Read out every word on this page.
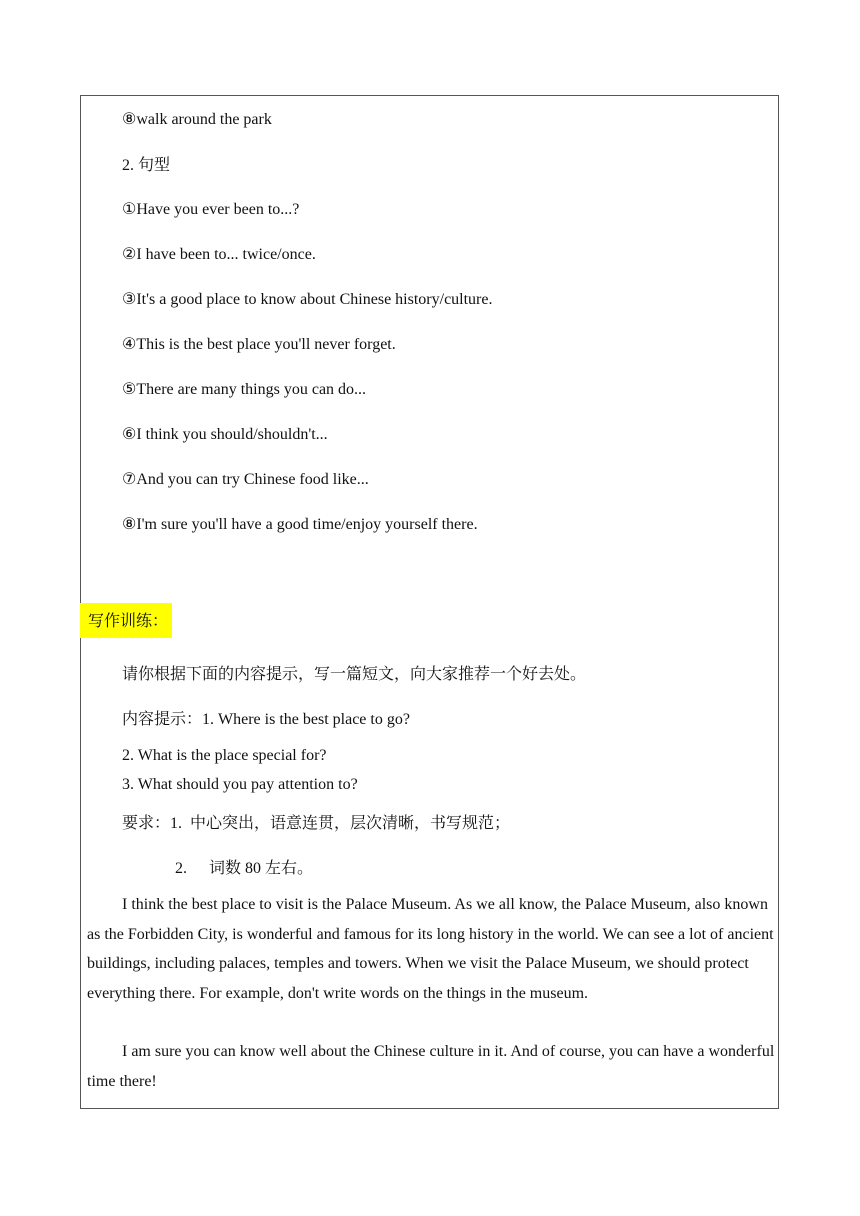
⑧walk around the park
2. 句型
①Have you ever been to...?
②I have been to... twice/once.
③It's a good place to know about Chinese history/culture.
④This is the best place you'll never forget.
⑤There are many things you can do...
⑥I think you should/shouldn't...
⑦And you can try Chinese food like...
⑧I'm sure you'll have a good time/enjoy yourself there.
写作训练：
请你根据下面的内容提示，写一篇短文，向大家推荐一个好去处。
内容提示：1. Where is the best place to go?
2. What is the place special for?
3. What should you pay attention to?
要求：1. 中心突出，语意连贯，层次清晰，书写规范；
2. 词数 80 左右。
I think the best place to visit is the Palace Museum. As we all know, the Palace Museum, also known as the Forbidden City, is wonderful and famous for its long history in the world. We can see a lot of ancient buildings, including palaces, temples and towers. When we visit the Palace Museum, we should protect everything there. For example, don't write words on the things in the museum.
I am sure you can know well about the Chinese culture in it. And of course, you can have a wonderful time there!
